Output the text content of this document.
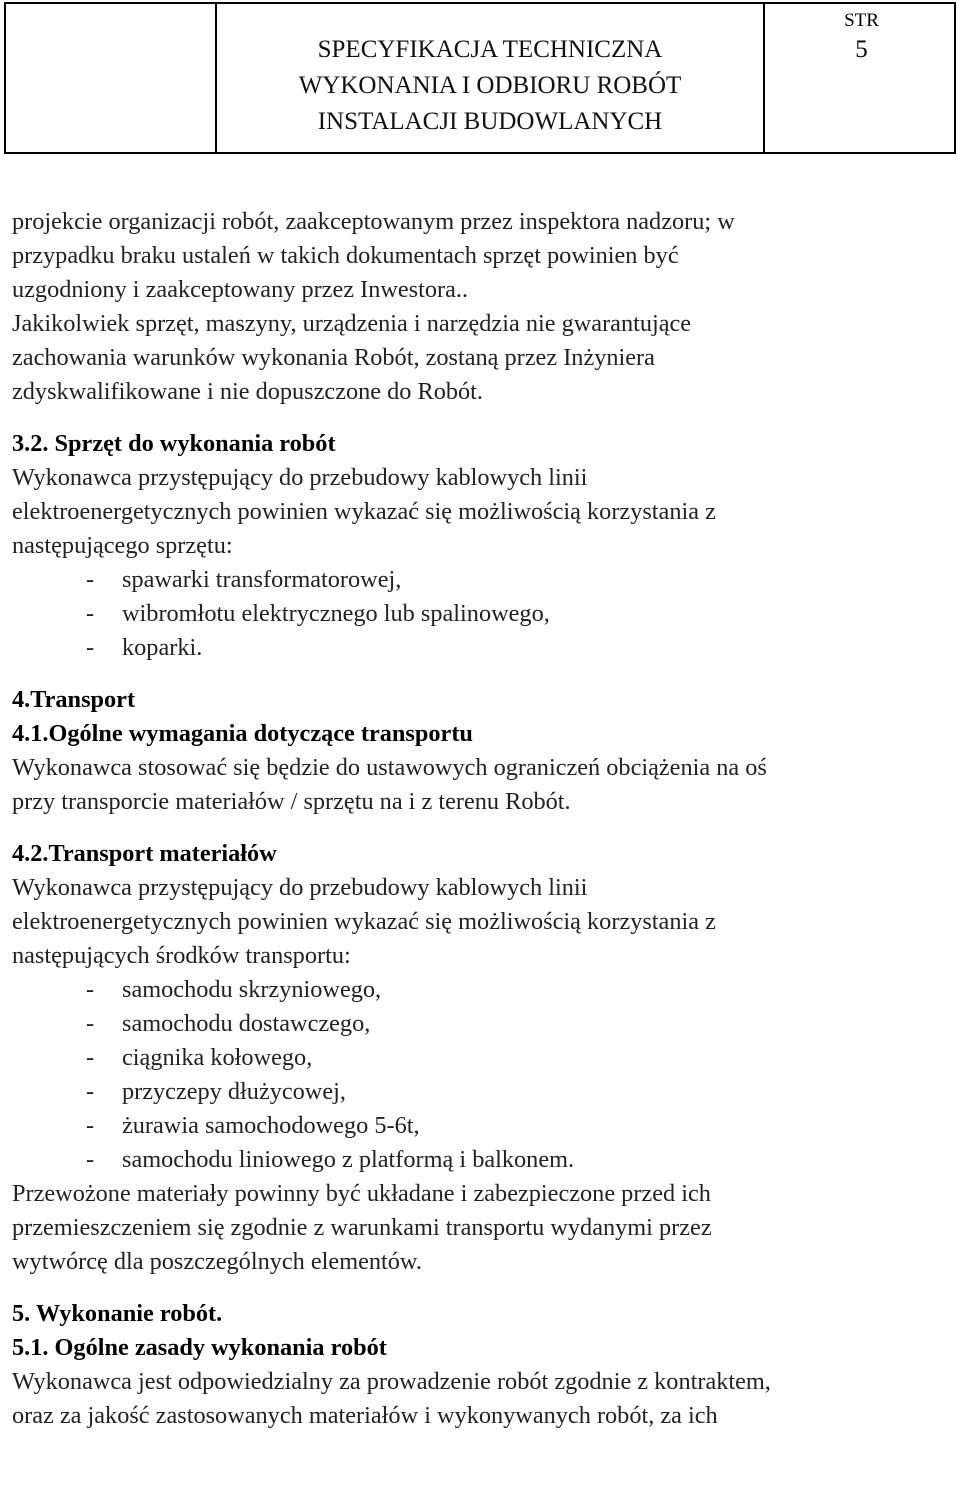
SPECYFIKACJA TECHNICZNA
WYKONANIA I ODBIORU ROBÓT
INSTALACJI BUDOWLANYCH
STR
5

projekcie organizacji robót, zaakceptowanym przez inspektora nadzoru; w

przypadku braku ustaleń w takich dokumentach sprzęt powinien być

uzgodniony i zaakceptowany przez Inwestora..

Jakikolwiek sprzęt, maszyny, urządzenia i narzędzia nie gwarantujące

zachowania warunków wykonania Robót, zostaną przez Inżyniera

zdyskwalifikowane i nie dopuszczone do Robót.

3.2. Sprzęt do wykonania robót

Wykonawca przystępujący do przebudowy kablowych linii

elektroenergetycznych powinien wykazać się możliwością korzystania z

następującego sprzętu:

- spawarki transformatorowej,

- wibromłotu elektrycznego lub spalinowego,

- koparki.

4.Transport

4.1.Ogólne wymagania dotyczące transportu

Wykonawca stosować się będzie do ustawowych ograniczeń obciążenia na oś

przy transporcie materiałów / sprzętu na i z terenu Robót.

4.2.Transport materiałów

Wykonawca przystępujący do przebudowy kablowych linii

elektroenergetycznych powinien wykazać się możliwością korzystania z

następujących środków transportu:

- samochodu skrzyniowego,

- samochodu dostawczego,

- ciągnika kołowego,

- przyczepy dłużycowej,

- żurawia samochodowego 5-6t,

- samochodu liniowego z platformą i balkonem.

Przewożone materiały powinny być układane i zabezpieczone przed ich

przemieszczeniem się zgodnie z warunkami transportu wydanymi przez

wytwórcę dla poszczególnych elementów.

5. Wykonanie robót.

5.1. Ogólne zasady wykonania robót

Wykonawca jest odpowiedzialny za prowadzenie robót zgodnie z kontraktem,

oraz za jakość zastosowanych materiałów i wykonywanych robót, za ich
